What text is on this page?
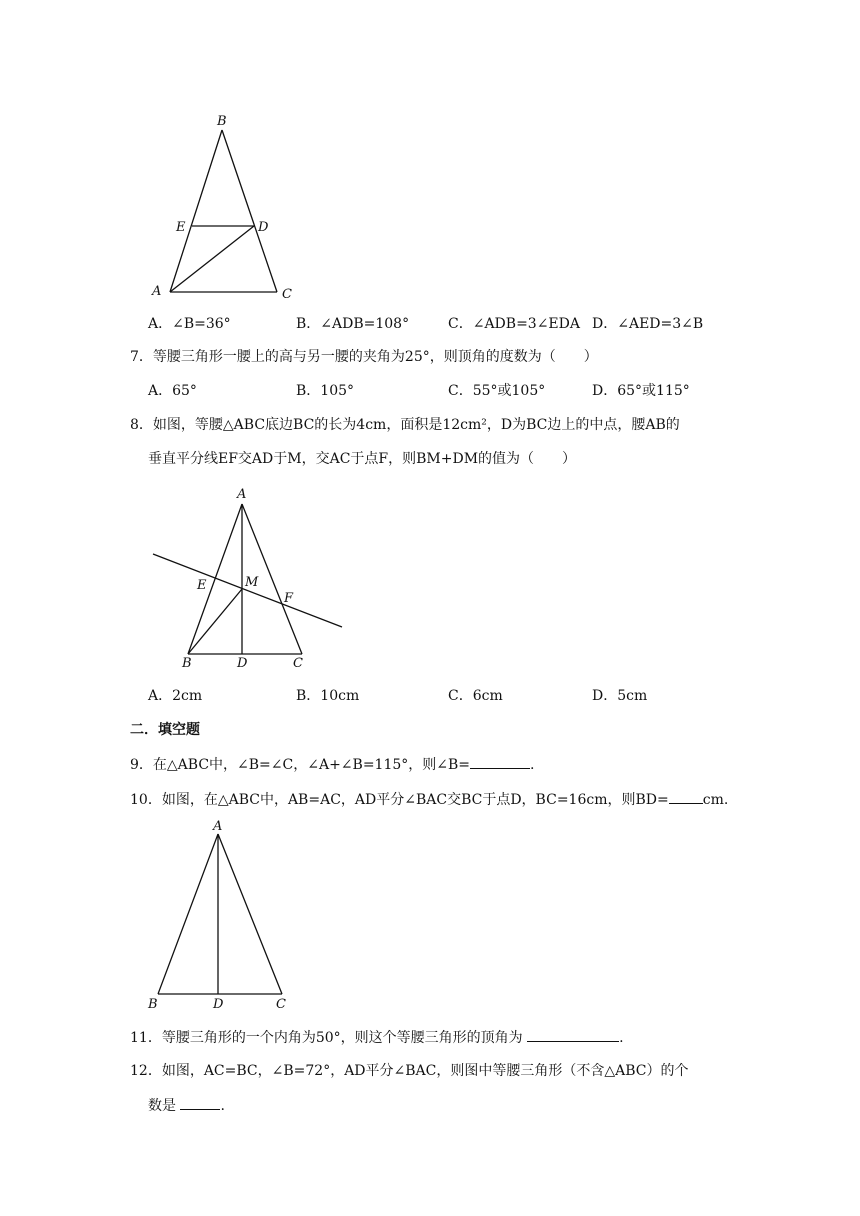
B
E	D
A	C
A．∠B=36°	B．∠ADB=108°	C．∠ADB=3∠EDA D．∠AED=3∠B
7．等腰三角形一腰上的高与另一腰的夹角为25°，则顶角的度数为（　　）
A．65°	B．105°	C．55°或105°	D．65°或115°
8．如图，等腰△ABC底边BC的长为4cm，面积是12cm²，D为BC边上的中点，腰AB的
垂直平分线EF交AD于M，交AC于点F，则BM+DM的值为（　　）
A
E	M
F
B	D	C
A．2cm	B．10cm	C．6cm	D．5cm
二．填空题
9．在△ABC中，∠B=∠C，∠A+∠B=115°，则∠B=	.
10．如图，在△ABC中，AB=AC，AD平分∠BAC交BC于点D，BC=16cm，则BD= cm.
A
B	D	C
11．等腰三角形的一个内角为50°，则这个等腰三角形的顶角为	.
12．如图，AC=BC，∠B=72°，AD平分∠BAC，则图中等腰三角形（不含△ABC）的个
数是	.
